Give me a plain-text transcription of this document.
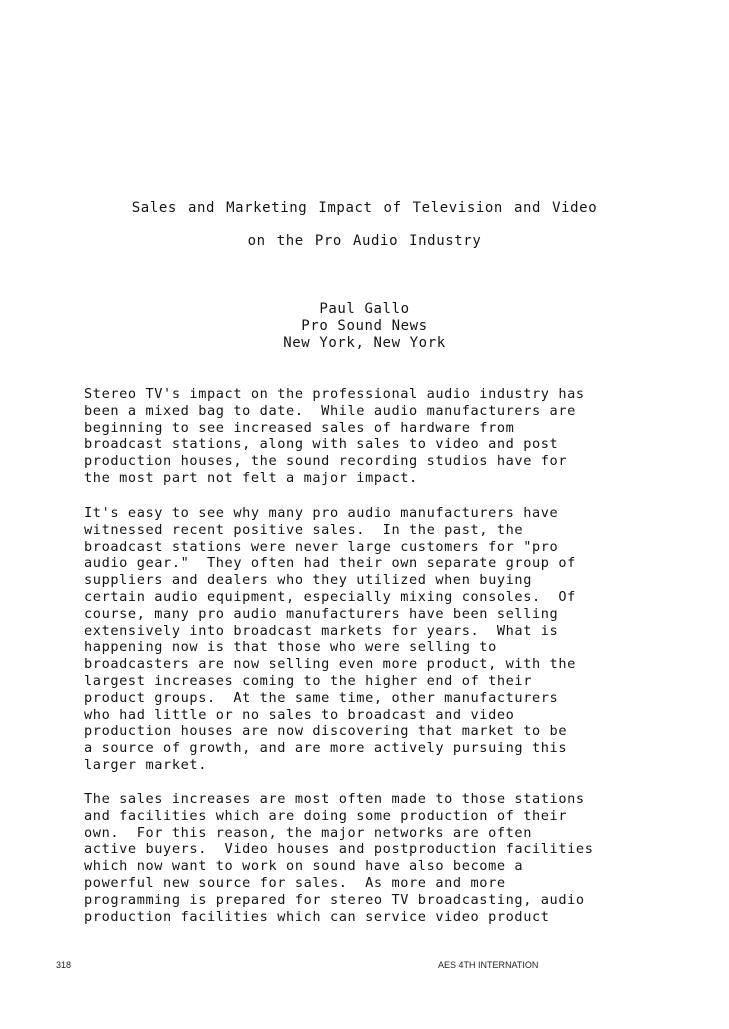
Sales and Marketing Impact of Television and Video
on the Pro Audio Industry
Paul Gallo
Pro Sound News
New York, New York
Stereo TV's impact on the professional audio industry has
been a mixed bag to date.  While audio manufacturers are
beginning to see increased sales of hardware from
broadcast stations, along with sales to video and post
production houses, the sound recording studios have for
the most part not felt a major impact.
It's easy to see why many pro audio manufacturers have
witnessed recent positive sales.  In the past, the
broadcast stations were never large customers for "pro
audio gear."  They often had their own separate group of
suppliers and dealers who they utilized when buying
certain audio equipment, especially mixing consoles.  Of
course, many pro audio manufacturers have been selling
extensively into broadcast markets for years.  What is
happening now is that those who were selling to
broadcasters are now selling even more product, with the
largest increases coming to the higher end of their
product groups.  At the same time, other manufacturers
who had little or no sales to broadcast and video
production houses are now discovering that market to be
a source of growth, and are more actively pursuing this
larger market.
The sales increases are most often made to those stations
and facilities which are doing some production of their
own.  For this reason, the major networks are often
active buyers.  Video houses and postproduction facilities
which now want to work on sound have also become a
powerful new source for sales.  As more and more
programming is prepared for stereo TV broadcasting, audio
production facilities which can service video product
318	AES 4TH INTERNATION
